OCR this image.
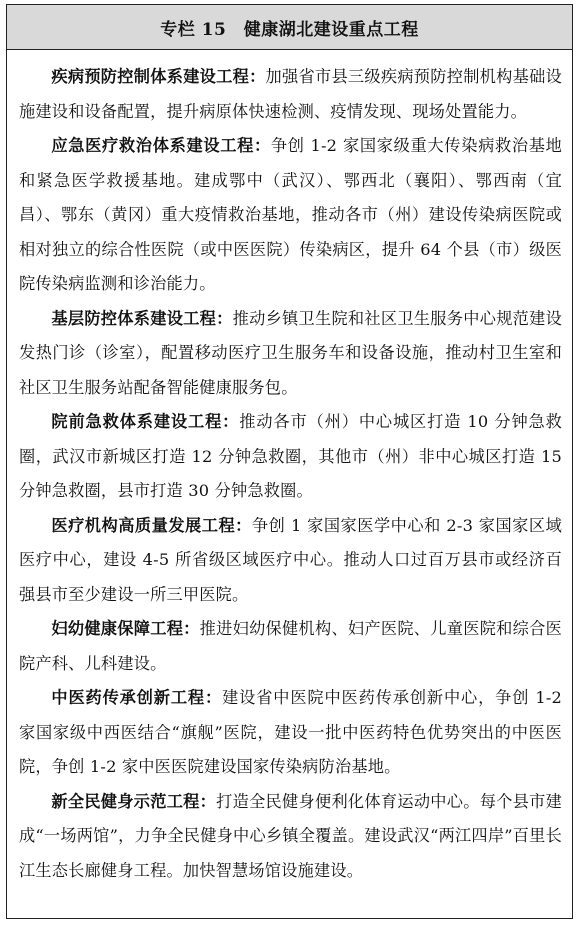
专栏 15　健康湖北建设重点工程

疾病预防控制体系建设工程：加强省市县三级疾病预防控制机构基础设施建设和设备配置，提升病原体快速检测、疫情发现、现场处置能力。

应急医疗救治体系建设工程：争创 1-2 家国家级重大传染病救治基地和紧急医学救援基地。建成鄂中（武汉）、鄂西北（襄阳）、鄂西南（宜昌）、鄂东（黄冈）重大疫情救治基地，推动各市（州）建设传染病医院或相对独立的综合性医院（或中医医院）传染病区，提升 64 个县（市）级医院传染病监测和诊治能力。

基层防控体系建设工程：推动乡镇卫生院和社区卫生服务中心规范建设发热门诊（诊室），配置移动医疗卫生服务车和设备设施，推动村卫生室和社区卫生服务站配备智能健康服务包。

院前急救体系建设工程：推动各市（州）中心城区打造 10 分钟急救圈，武汉市新城区打造 12 分钟急救圈，其他市（州）非中心城区打造 15 分钟急救圈，县市打造 30 分钟急救圈。

医疗机构高质量发展工程：争创 1 家国家医学中心和 2-3 家国家区域医疗中心，建设 4-5 所省级区域医疗中心。推动人口过百万县市或经济百强县市至少建设一所三甲医院。

妇幼健康保障工程：推进妇幼保健机构、妇产医院、儿童医院和综合医院产科、儿科建设。

中医药传承创新工程：建设省中医院中医药传承创新中心，争创 1-2 家国家级中西医结合“旗舰”医院，建设一批中医药特色优势突出的中医医院，争创 1-2 家中医医院建设国家传染病防治基地。

新全民健身示范工程：打造全民健身便利化体育运动中心。每个县市建成“一场两馆”，力争全民健身中心乡镇全覆盖。建设武汉“两江四岸”百里长江生态长廊健身工程。加快智慧场馆设施建设。
